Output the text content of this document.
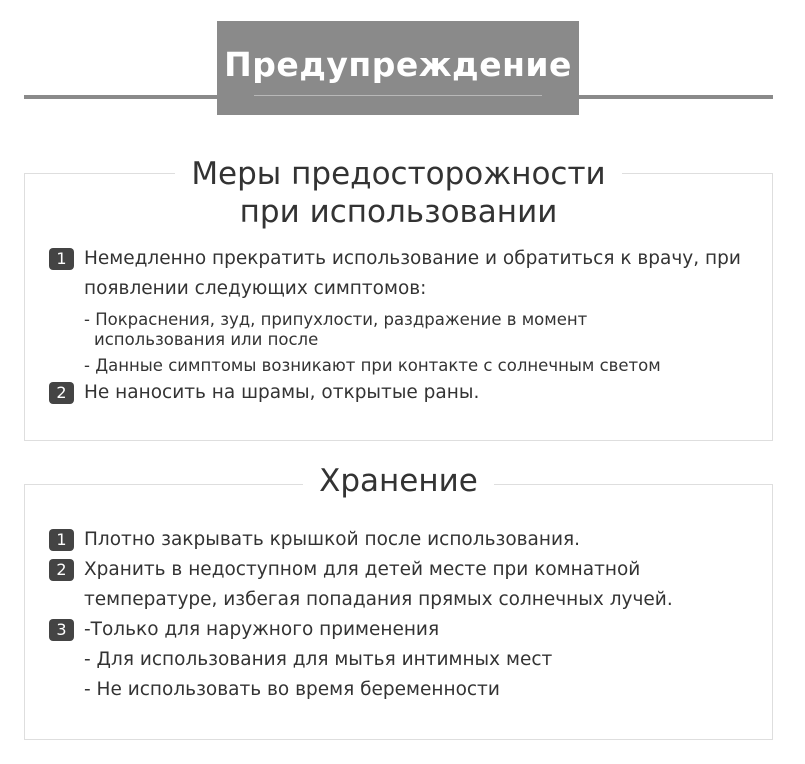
Предупреждение
Меры предосторожности
при использовании
1 Немедленно прекратить использование и обратиться к врачу, при появлении следующих симптомов:
- Покраснения, зуд, припухлости, раздражение в момент
использования или после
- Данные симптомы возникают при контакте с солнечным светом
2 Не наносить на шрамы, открытые раны.
Хранение
1 Плотно закрывать крышкой после использования.
2 Хранить в недоступном для детей месте при комнатной температуре, избегая попадания прямых солнечных лучей.
3 -Только для наружного применения
- Для использования для мытья интимных мест
- Не использовать во время беременности
